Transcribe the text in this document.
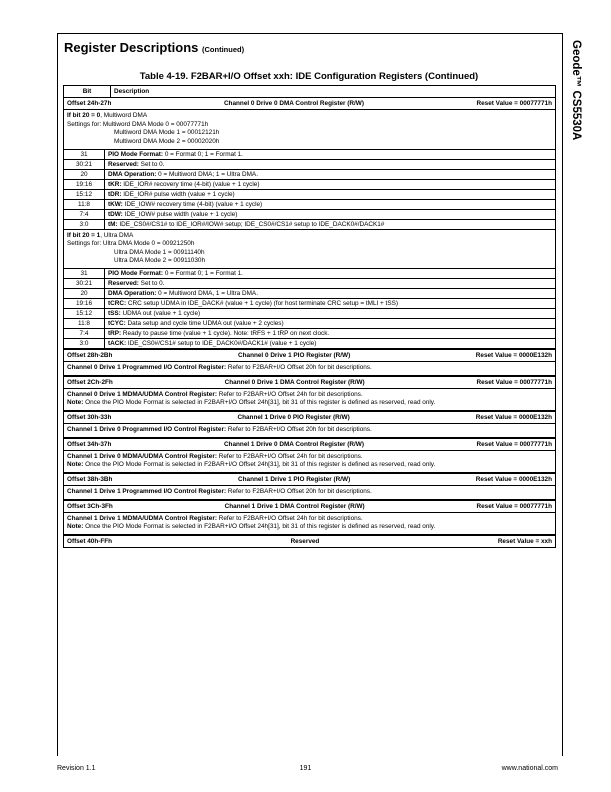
Geode™ CS5530A
Register Descriptions (Continued)
Table 4-19. F2BAR+I/O Offset xxh: IDE Configuration Registers (Continued)
Bit	Description
Offset 24h-27h	Channel 0 Drive 0 DMA Control Register (R/W)	Reset Value = 00077771h
If bit 20 = 0, Multiword DMA
Settings for: Multiword DMA Mode 0 = 00077771h
Multiword DMA Mode 1 = 00012121h
Multiword DMA Mode 2 = 00002020h
31	PIO Mode Format: 0 = Format 0; 1 = Format 1.
30:21	Reserved: Set to 0.
20	DMA Operation: 0 = Multiword DMA; 1 = Ultra DMA.
19:16	tKR: IDE_IOR# recovery time (4-bit) (value + 1 cycle)
15:12	tDR: IDE_IOR# pulse width (value + 1 cycle)
11:8	tKW: IDE_IOW# recovery time (4-bit) (value + 1 cycle)
7:4	tDW: IDE_IOW# pulse width (value + 1 cycle)
3:0	tM: IDE_CS0#/CS1# to IDE_IOR#/IOW# setup; IDE_CS0#/CS1# setup to IDE_DACK0#/DACK1#
If bit 20 = 1, Ultra DMA
Settings for: Ultra DMA Mode 0 = 00921250h
Ultra DMA Mode 1 = 00911140h
Ultra DMA Mode 2 = 00911030h
31	PIO Mode Format: 0 = Format 0; 1 = Format 1.
30:21	Reserved: Set to 0.
20	DMA Operation: 0 = Multiword DMA, 1 = Ultra DMA.
19:16	tCRC: CRC setup UDMA in IDE_DACK# (value + 1 cycle) (for host terminate CRC setup = tMLI + tSS)
15:12	tSS: UDMA out (value + 1 cycle)
11:8	tCYC: Data setup and cycle time UDMA out (value + 2 cycles)
7:4	tRP: Ready to pause time (value + 1 cycle). Note: tRFS + 1 tRP on next clock.
3:0	tACK: IDE_CS0#/CS1# setup to IDE_DACK0#/DACK1# (value + 1 cycle)
Offset 28h-2Bh	Channel 0 Drive 1 PIO Register (R/W)	Reset Value = 0000E132h
Channel 0 Drive 1 Programmed I/O Control Register: Refer to F2BAR+I/O Offset 20h for bit descriptions.
Offset 2Ch-2Fh	Channel 0 Drive 1 DMA Control Register (R/W)	Reset Value = 00077771h
Channel 0 Drive 1 MDMA/UDMA Control Register: Refer to F2BAR+I/O Offset 24h for bit descriptions.
Note: Once the PIO Mode Format is selected in F2BAR+I/O Offset 24h[31], bit 31 of this register is defined as reserved, read only.
Offset 30h-33h	Channel 1 Drive 0 PIO Register (R/W)	Reset Value = 0000E132h
Channel 1 Drive 0 Programmed I/O Control Register: Refer to F2BAR+I/O Offset 20h for bit descriptions.
Offset 34h-37h	Channel 1 Drive 0 DMA Control Register (R/W)	Reset Value = 00077771h
Channel 1 Drive 0 MDMA/UDMA Control Register: Refer to F2BAR+I/O Offset 24h for bit descriptions.
Note: Once the PIO Mode Format is selected in F2BAR+I/O Offset 24h[31], bit 31 of this register is defined as reserved, read only.
Offset 38h-3Bh	Channel 1 Drive 1 PIO Register (R/W)	Reset Value = 0000E132h
Channel 1 Drive 1 Programmed I/O Control Register: Refer to F2BAR+I/O Offset 20h for bit descriptions.
Offset 3Ch-3Fh	Channel 1 Drive 1 DMA Control Register (R/W)	Reset Value = 00077771h
Channel 1 Drive 1 MDMA/UDMA Control Register: Refer to F2BAR+I/O Offset 24h for bit descriptions.
Note: Once the PIO Mode Format is selected in F2BAR+I/O Offset 24h[31], bit 31 of this register is defined as reserved, read only.
Offset 40h-FFh	Reserved	Reset Value = xxh
Revision 1.1	191	www.national.com
